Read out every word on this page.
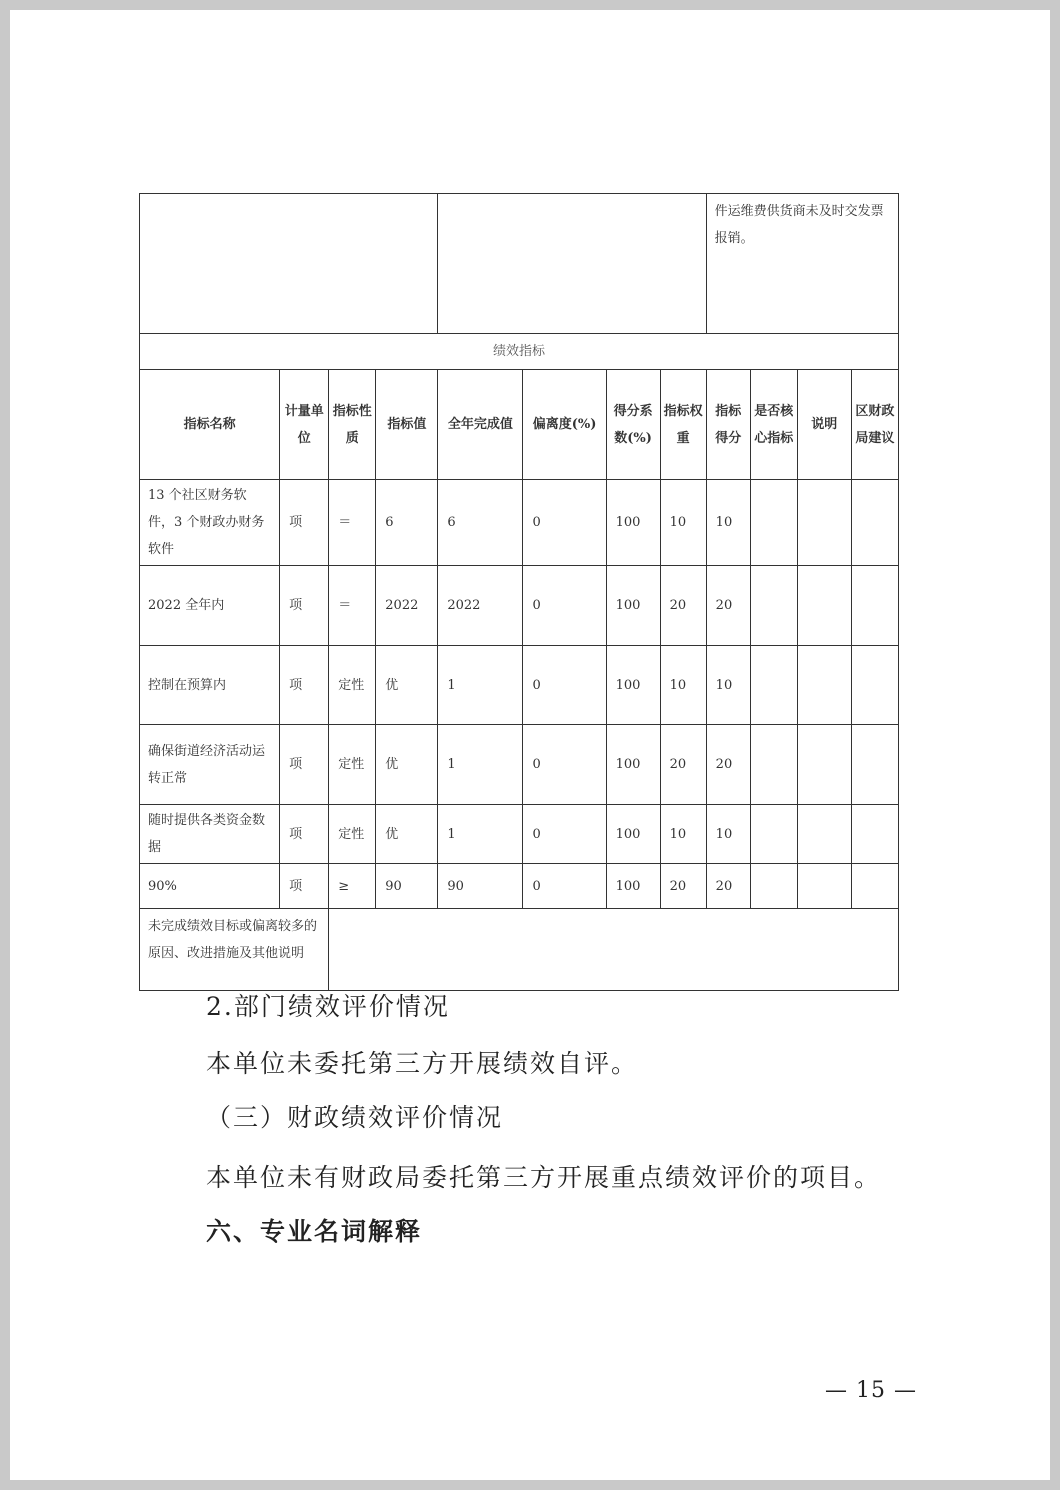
								件运维费供货商未及时交发票报销。			
绩效指标											
指标名称	计量单位	指标性质	指标值	全年完成值	偏离度(%)	得分系数(%)	指标权重	指标得分	是否核心指标	说明	区财政局建议
13 个社区财务软件，3 个财政办财务软件	项	＝	6	6	0	100	10	10			
2022 全年内	项	＝	2022	2022	0	100	20	20			
控制在预算内	项	定性	优	1	0	100	10	10			
确保街道经济活动运转正常	项	定性	优	1	0	100	20	20			
随时提供各类资金数据	项	定性	优	1	0	100	10	10			
90%	项	≥	90	90	0	100	20	20			
未完成绩效目标或偏离较多的原因、改进措施及其他说明											
2.部门绩效评价情况
本单位未委托第三方开展绩效自评。
（三）财政绩效评价情况
本单位未有财政局委托第三方开展重点绩效评价的项目。
六、专业名词解释
— 15 —
